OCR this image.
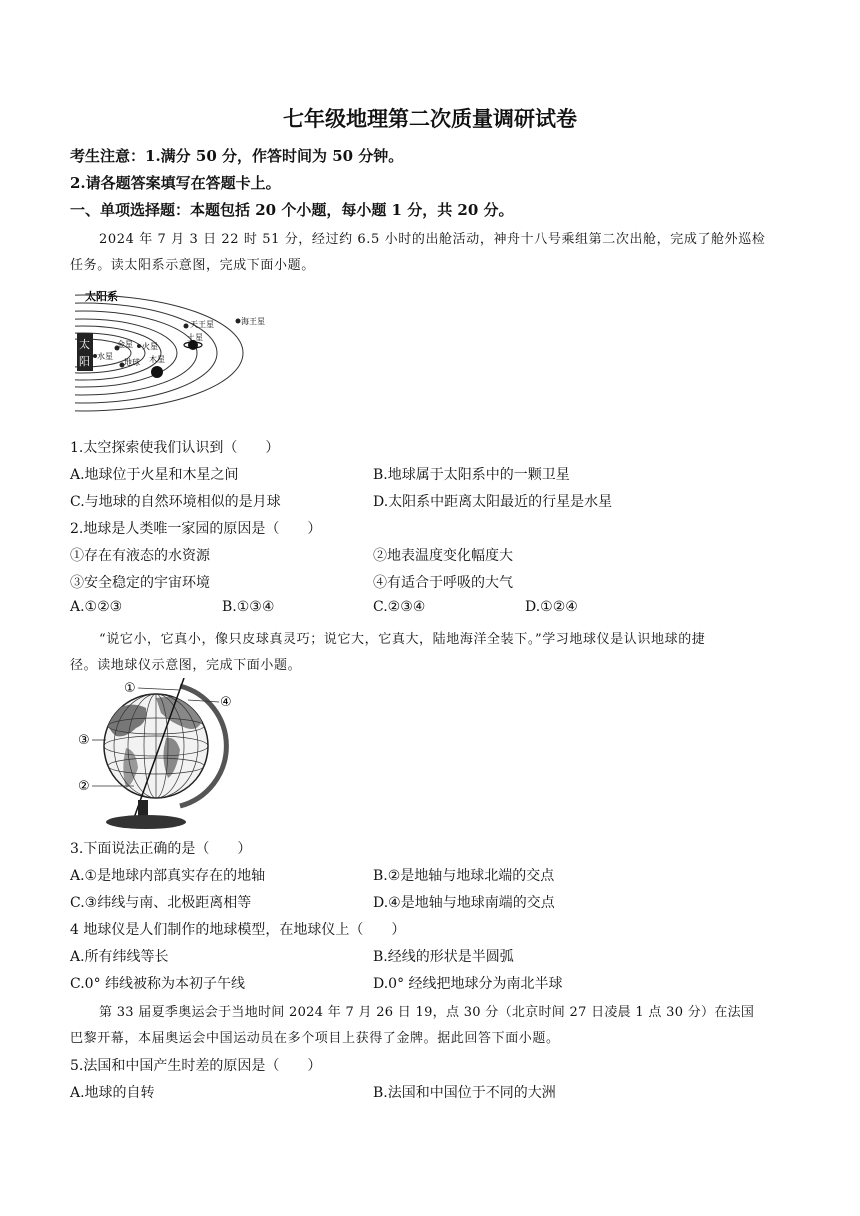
七年级地理第二次质量调研试卷
考生注意：1.满分 50 分，作答时间为 50 分钟。
2.请各题答案填写在答题卡上。
一、单项选择题：本题包括 20 个小题，每小题 1 分，共 20 分。
2024 年 7 月 3 日 22 时 51 分，经过约 6.5 小时的出舱活动，神舟十八号乘组第二次出舱，完成了舱外巡检
任务。读太阳系示意图，完成下面小题。
太阳系
太
阳 水星
金星
地球
火星
木星
土星
天王星	海王星
1.太空探索使我们认识到（　　）
A.地球位于火星和木星之间	B.地球属于太阳系中的一颗卫星
C.与地球的自然环境相似的是月球	D.太阳系中距离太阳最近的行星是水星
2.地球是人类唯一家园的原因是（　　）
①存在有液态的水资源	②地表温度变化幅度大
③安全稳定的宇宙环境	④有适合于呼吸的大气
A.①②③	B.①③④	C.②③④	D.①②④
“说它小，它真小，像只皮球真灵巧；说它大，它真大，陆地海洋全装下。”学习地球仪是认识地球的捷
径。读地球仪示意图，完成下面小题。
①
④
③
②
3.下面说法正确的是（　　）
A.①是地球内部真实存在的地轴	B.②是地轴与地球北端的交点
C.③纬线与南、北极距离相等	D.④是地轴与地球南端的交点
4 地球仪是人们制作的地球模型，在地球仪上（　　）
A.所有纬线等长	B.经线的形状是半圆弧
C.0° 纬线被称为本初子午线	D.0° 经线把地球分为南北半球
第 33 届夏季奥运会于当地时间 2024 年 7 月 26 日 19，点 30 分（北京时间 27 日凌晨 1 点 30 分）在法国
巴黎开幕，本届奥运会中国运动员在多个项目上获得了金牌。据此回答下面小题。
5.法国和中国产生时差的原因是（　　）
A.地球的自转	B.法国和中国位于不同的大洲
